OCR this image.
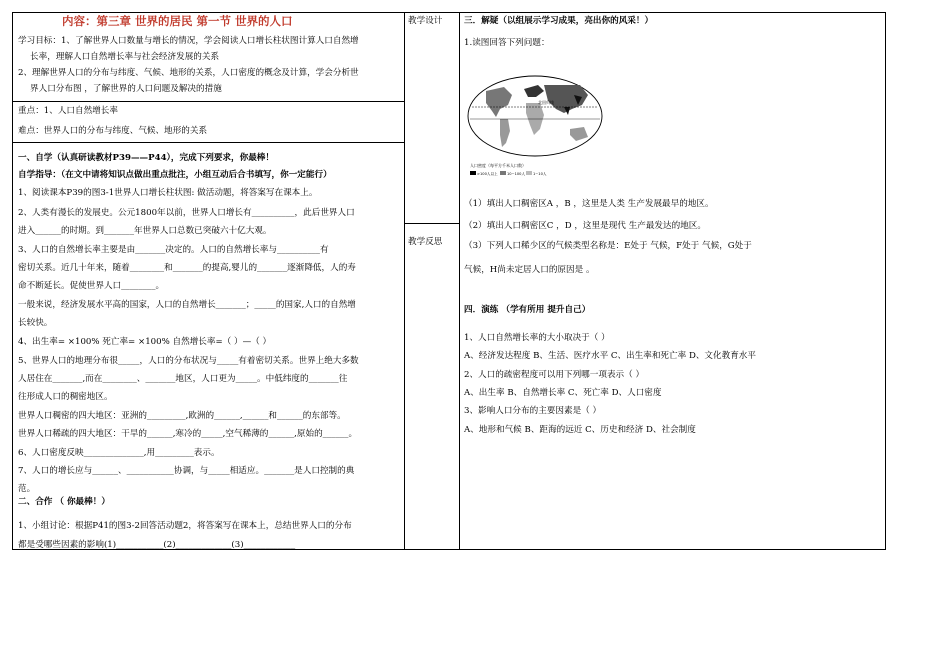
内容：第三章 世界的居民 第一节 世界的人口
学习目标：1、了解世界人口数量与增长的情况，学会阅读人口增长柱状图计算人口自然增
长率，理解人口自然增长率与社会经济发展的关系
2、理解世界人口的分布与纬度、气候、地形的关系，人口密度的概念及计算，学会分析世
界人口分布图 ，了解世界的人口问题及解决的措施
重点：1、人口自然增长率
难点：世界人口的分布与纬度、气候、地形的关系
一、自学（认真研读教材P39——P44），完成下列要求，你最棒！
自学指导：（在文中请将知识点做出重点批注，小组互动后合书填写，你一定能行）
1、阅读课本P39的图3-1世界人口增长柱状图: 做活动题，将答案写在课本上。
2、人类有漫长的发展史。公元1800年以前，世界人口增长有__________，此后世界人口
进入______的时期。到_______年世界人口总数已突破六十亿大观。
3、人口的自然增长率主要是由_______决定的。人口的自然增长率与__________有
密切关系。近几十年来，随着________和_______的提高,婴儿的_______逐渐降低，人的寿
命不断延长。促使世界人口________。
一般来说，经济发展水平高的国家，人口的自然增长_______；_____的国家,人口的自然增
长较快。
4、出生率= ×100% 死亡率= ×100% 自然增长率=（ ）—（ ）
5、世界人口的地理分布很_____，人口的分布状况与_____有着密切关系。世界上绝大多数
人居住在_______,而在________、_______地区，人口更为_____。中低纬度的_______往
往形成人口的稠密地区。
世界人口稠密的四大地区：亚洲的_________,欧洲的______,______和______的东部等。
世界人口稀疏的四大地区：干旱的______,寒冷的_____,空气稀薄的______,原始的______。
6、人口密度反映______________,用_________表示。
7、人口的增长应与______、___________协调，与_____相适应。_______是人口控制的典
范。
二、合作 （ 你最棒！）
1、小组讨论：根据P41的图3-2回答活动题2，将答案写在课本上，总结世界人口的分布
都是受哪些因素的影响(1)___________(2)_____________(3)____________
教学设计
教学反思
三．解疑（以组展示学习成果，亮出你的风采！）
1.读图回答下列问题：
北回归线
人口密度（每平方千米人口数）
>100人以上	10~100人 1~10人
（1）填出人口稠密区A ，B ，这里是人类 生产发展最早的地区。
（2）填出人口稠密区C ，D ，这里是现代 生产最发达的地区。
（3）下列人口稀少区的气候类型名称是：E处于 气候，F处于 气候，G处于
气候，H尚未定居人口的原因是 。
四．演练 （学有所用 提升自己）
1、人口自然增长率的大小取决于（ ）
A、经济发达程度 B、生活、医疗水平 C、出生率和死亡率 D、文化教育水平
2、人口的疏密程度可以用下列哪一项表示（ ）
A、出生率 B、自然增长率 C、死亡率 D、人口密度
3、影响人口分布的主要因素是（ ）
A、地形和气候 B、距海的远近 C、历史和经济 D、社会制度
